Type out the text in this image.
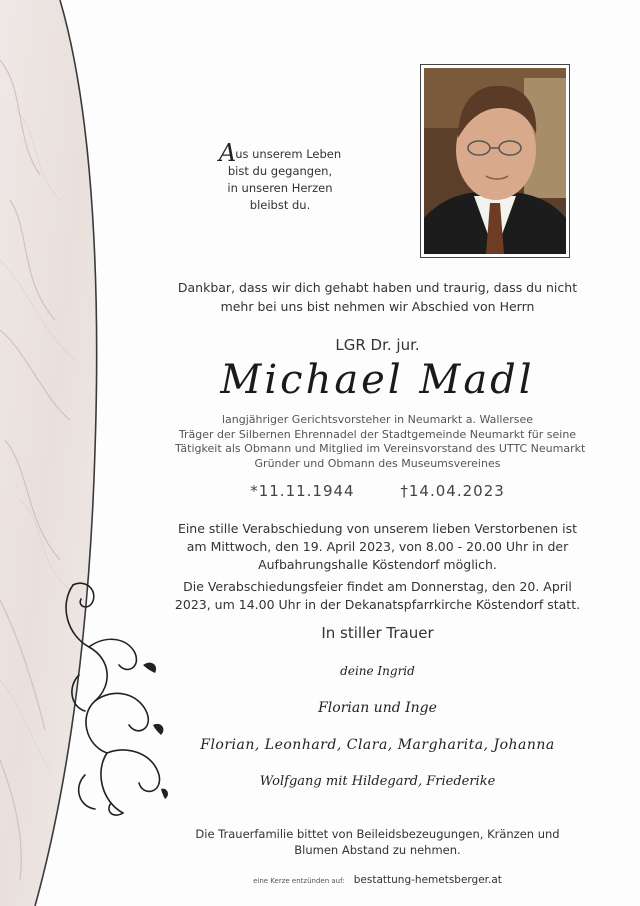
Aus unserem Leben
bist du gegangen,
in unseren Herzen
bleibst du.
Dankbar, dass wir dich gehabt haben und traurig, dass du nicht mehr bei uns bist nehmen wir Abschied von Herrn
LGR Dr. jur.
Michael Madl
langjähriger Gerichtsvorsteher in Neumarkt a. Wallersee
Träger der Silbernen Ehrennadel der Stadtgemeinde Neumarkt für seine
Tätigkeit als Obmann und Mitglied im Vereinsvorstand des UTTC Neumarkt
Gründer und Obmann des Museumsvereines
*11.11.1944	†14.04.2023
Eine stille Verabschiedung von unserem lieben Verstorbenen ist am Mittwoch, den 19. April 2023, von 8.00 - 20.00 Uhr in der Aufbahrungshalle Köstendorf möglich.
Die Verabschiedungsfeier findet am Donnerstag, den 20. April 2023, um 14.00 Uhr in der Dekanatspfarrkirche Köstendorf statt.
In stiller Trauer
deine Ingrid
Florian und Inge
Florian, Leonhard, Clara, Margharita, Johanna
Wolfgang mit Hildegard, Friederike
Die Trauerfamilie bittet von Beileidsbezeugungen, Kränzen und Blumen Abstand zu nehmen.
eine Kerze entzünden auf: bestattung-hemetsberger.at
